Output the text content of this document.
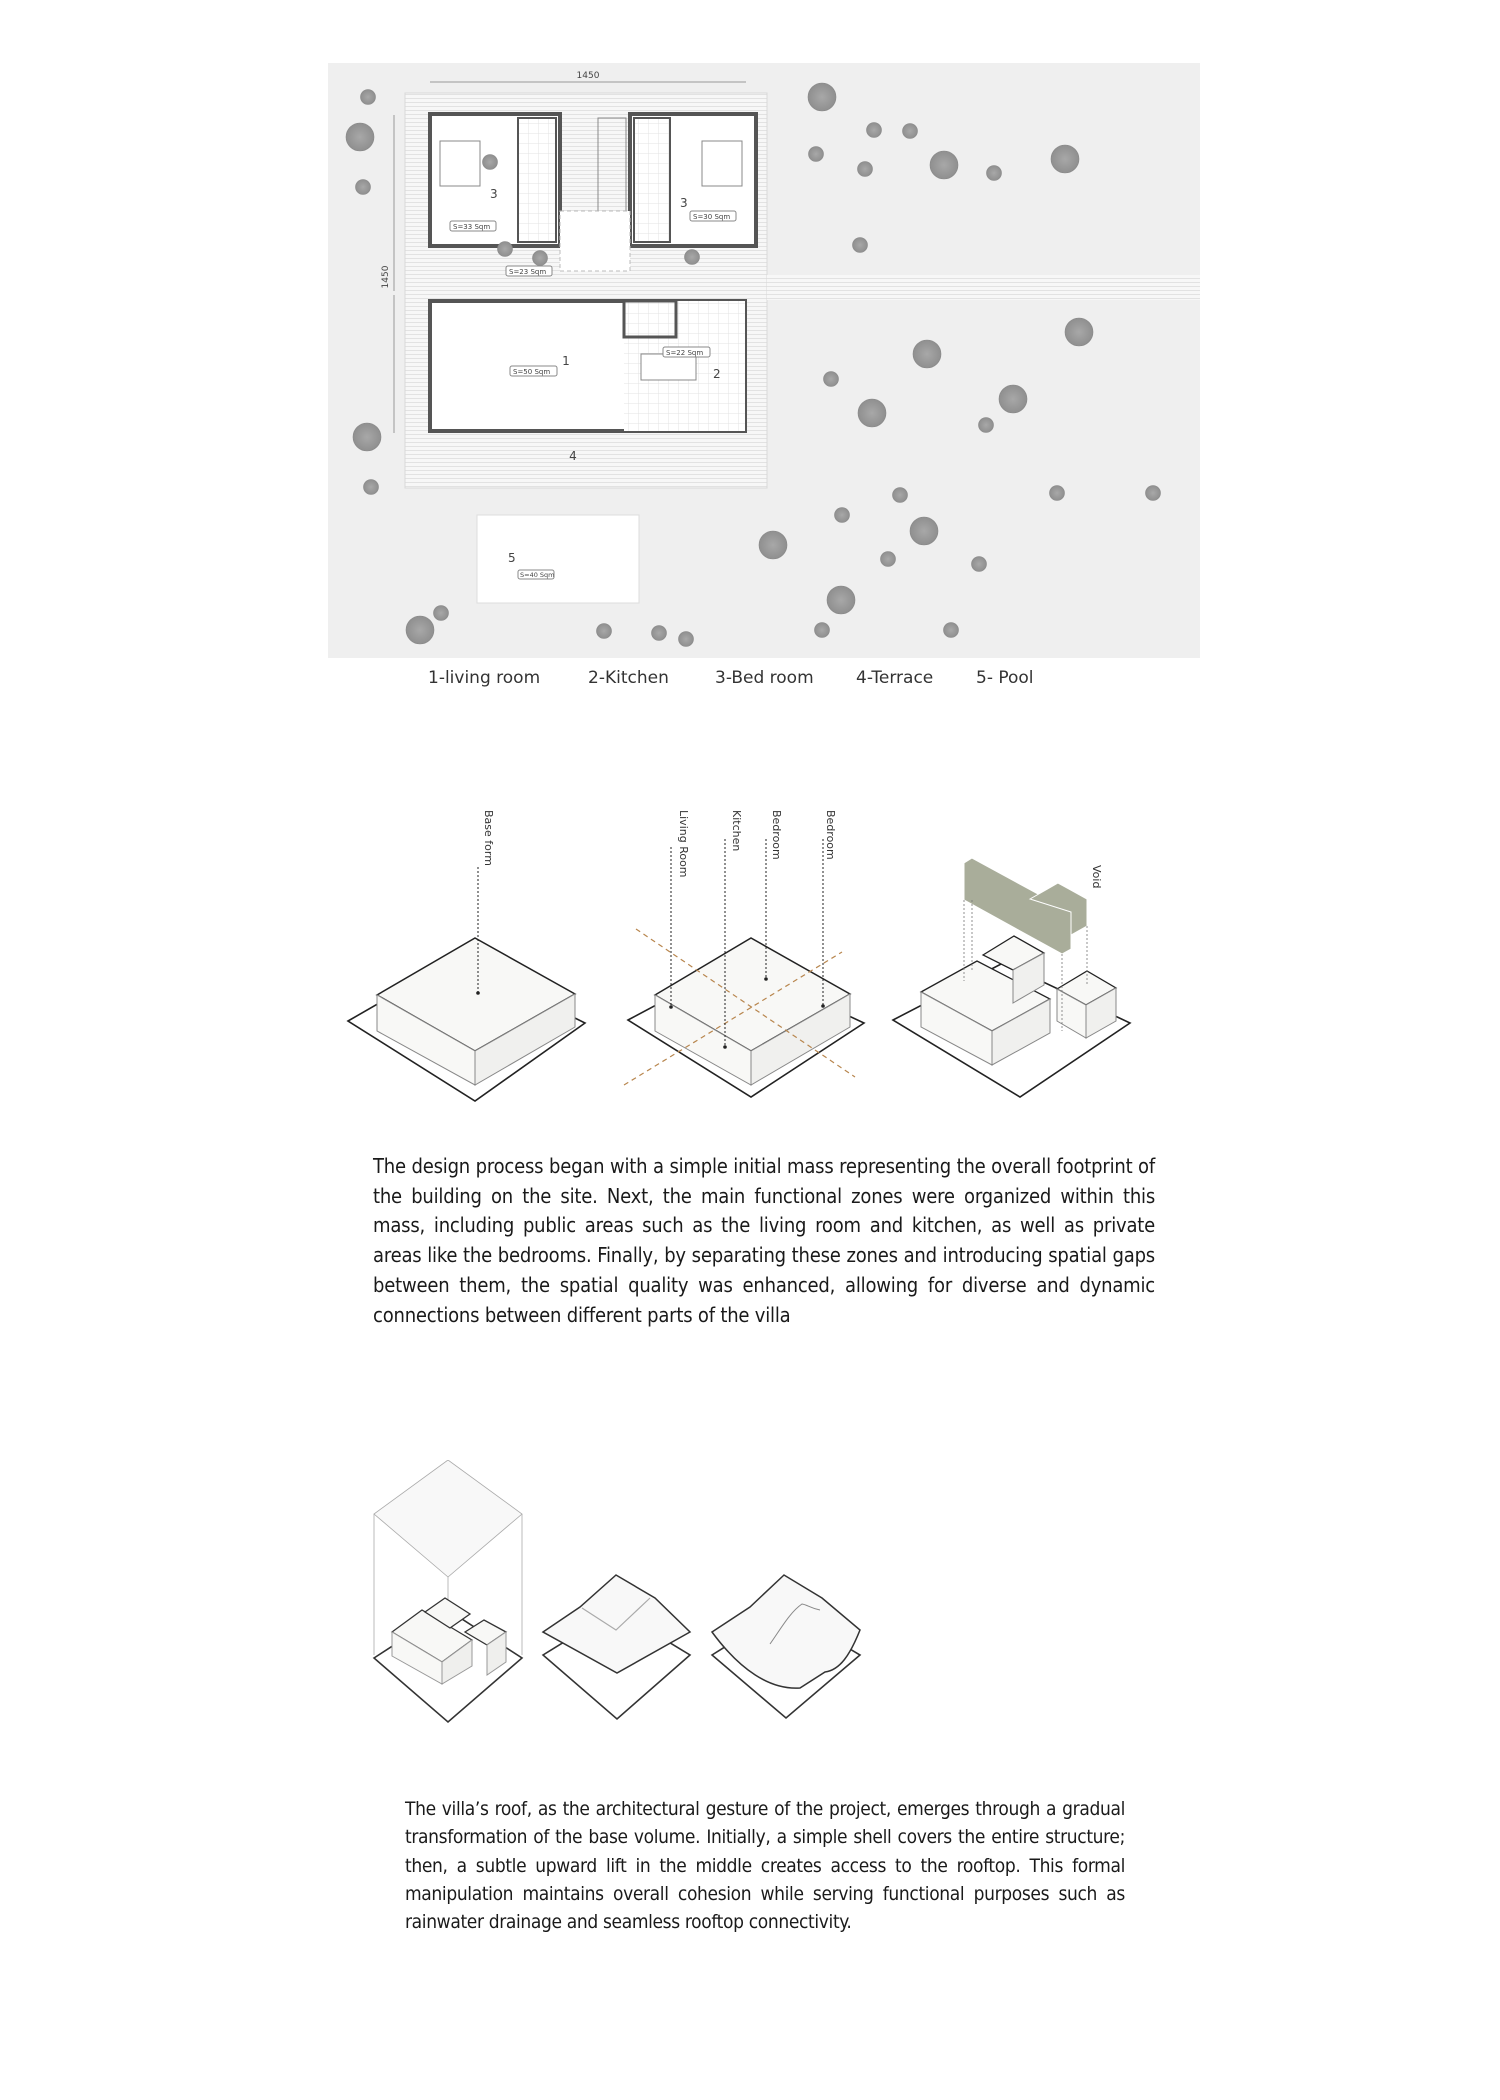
1450
1450
3
S=33 Sqm
3
S=30 Sqm
S=23 Sqm
1
S=50 Sqm	2
S=22 Sqm
4
5
S=40 Sqm
1-living room	2-Kitchen	3-Bed room 4-Terrace	5- Pool
Base form	Living Room	Kitchen Bedroom	Bedroom
Void

The design process began with a simple initial mass representing the overall footprint of the building on the site. Next, the main functional zones were organized within this mass, including public areas such as the living room and kitchen, as well as private areas like the bedrooms. Finally, by separating these zones and introducing spatial gaps between them, the spatial quality was enhanced, allowing for diverse and dynamic connections between different parts of the villa

The villa’s roof, as the architectural gesture of the project, emerges through a gradual transformation of the base volume. Initially, a simple shell covers the entire structure; then, a subtle upward lift in the middle creates access to the rooftop. This formal manipulation maintains overall cohesion while serving functional purposes such as rainwater drainage and seamless rooftop connectivity.
